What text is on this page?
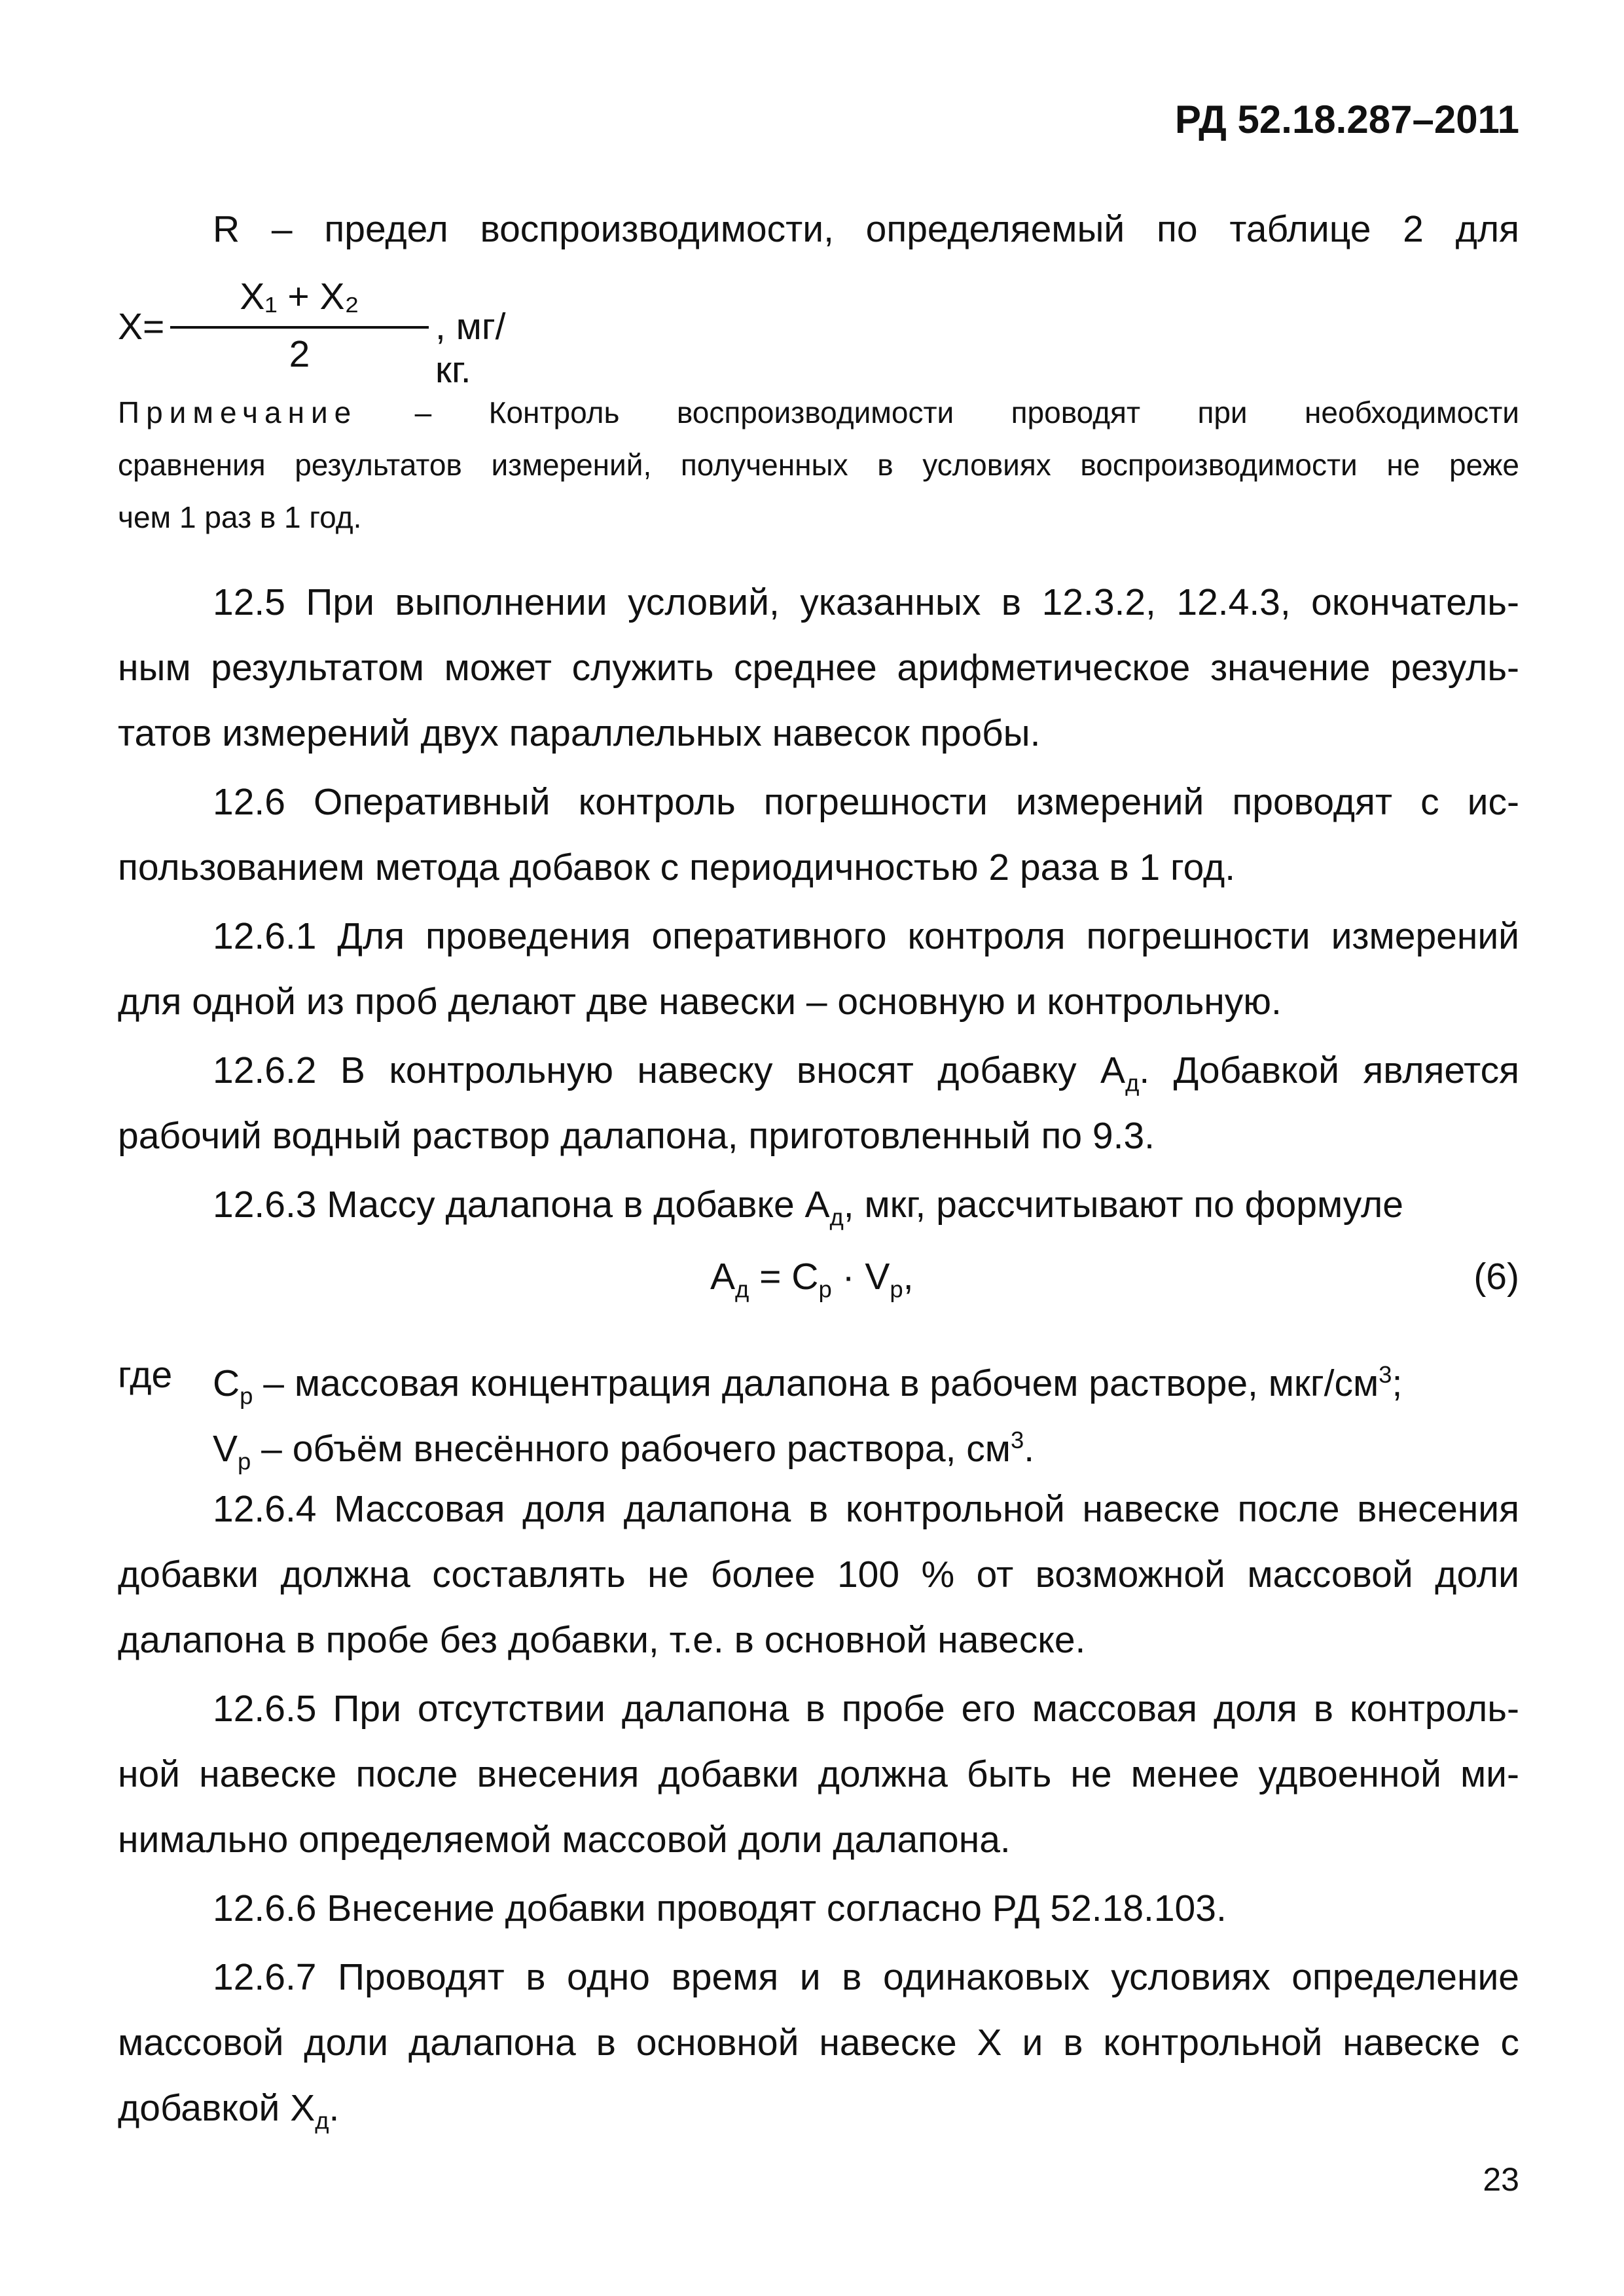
РД 52.18.287–2011
R – предел воспроизводимости, определяемый по таблице 2 для
X=
X₁ + X₂
2
, мг/кг.
Примечание – Контроль воспроизводимости проводят при необходимости
сравнения результатов измерений, полученных в условиях воспроизводимости не реже
чем 1 раз в 1 год.
12.5 При выполнении условий, указанных в 12.3.2, 12.4.3, окончатель-
ным результатом может служить среднее арифметическое значение резуль-
татов измерений двух параллельных навесок пробы.
12.6 Оперативный контроль погрешности измерений проводят с ис-
пользованием метода добавок с периодичностью 2 раза в 1 год.
12.6.1 Для проведения оперативного контроля погрешности измерений
для одной из проб делают две навески – основную и контрольную.
12.6.2 В контрольную навеску вносят добавку $А_д$. Добавкой является
рабочий водный раствор далапона, приготовленный по 9.3.
12.6.3 Массу далапона в добавке $А_д$, мкг, рассчитывают по формуле
$А_д = С_р \cdot V_р$,	(6)
где $С_р$ – массовая концентрация далапона в рабочем растворе, мкг/$см^3$;
$V_р$ – объём внесённого рабочего раствора, $см^3$.
12.6.4 Массовая доля далапона в контрольной навеске после внесения
добавки должна составлять не более 100 % от возможной массовой доли
далапона в пробе без добавки, т.е. в основной навеске.
12.6.5 При отсутствии далапона в пробе его массовая доля в контроль-
ной навеске после внесения добавки должна быть не менее удвоенной ми-
нимально определяемой массовой доли далапона.
12.6.6 Внесение добавки проводят согласно РД 52.18.103.
12.6.7 Проводят в одно время и в одинаковых условиях определение
массовой доли далапона в основной навеске Х и в контрольной навеске с
добавкой $Х_д$.
23
